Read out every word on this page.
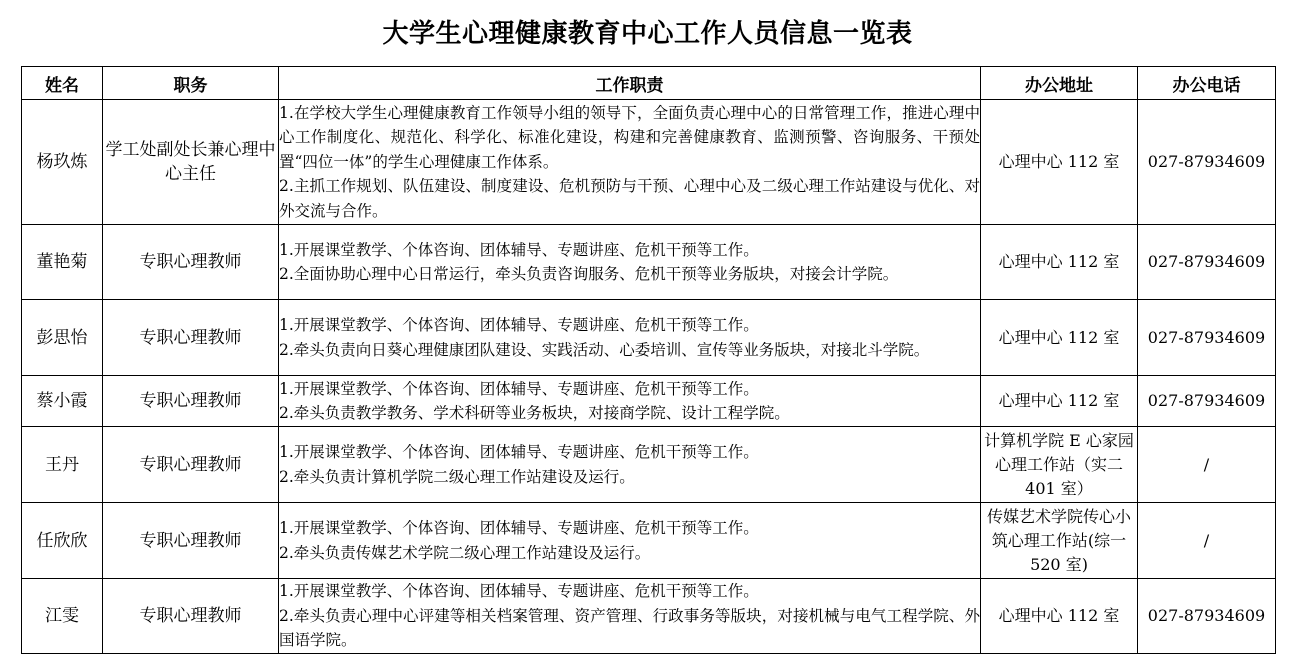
大学生心理健康教育中心工作人员信息一览表
姓名	职务	工作职责	办公地址	办公电话
杨玖炼	学工处副处长兼心理中心主任	1.在学校大学生心理健康教育工作领导小组的领导下，全面负责心理中心的日常管理工作，推进心理中心工作制度化、规范化、科学化、标准化建设，构建和完善健康教育、监测预警、咨询服务、干预处置“四位一体”的学生心理健康工作体系。
2.主抓工作规划、队伍建设、制度建设、危机预防与干预、心理中心及二级心理工作站建设与优化、对外交流与合作。	心理中心 112 室	027-87934609
董艳菊	专职心理教师	1.开展课堂教学、个体咨询、团体辅导、专题讲座、危机干预等工作。
2.全面协助心理中心日常运行，牵头负责咨询服务、危机干预等业务版块，对接会计学院。	心理中心 112 室	027-87934609
彭思怡	专职心理教师	1.开展课堂教学、个体咨询、团体辅导、专题讲座、危机干预等工作。
2.牵头负责向日葵心理健康团队建设、实践活动、心委培训、宣传等业务版块，对接北斗学院。	心理中心 112 室	027-87934609
蔡小霞	专职心理教师	1.开展课堂教学、个体咨询、团体辅导、专题讲座、危机干预等工作。
2.牵头负责教学教务、学术科研等业务板块，对接商学院、设计工程学院。	心理中心 112 室	027-87934609
王丹	专职心理教师	1.开展课堂教学、个体咨询、团体辅导、专题讲座、危机干预等工作。
2.牵头负责计算机学院二级心理工作站建设及运行。	计算机学院 E 心家园心理工作站（实二 401 室）	/
任欣欣	专职心理教师	1.开展课堂教学、个体咨询、团体辅导、专题讲座、危机干预等工作。
2.牵头负责传媒艺术学院二级心理工作站建设及运行。	传媒艺术学院传心小筑心理工作站(综一 520 室)	/
江雯	专职心理教师	1.开展课堂教学、个体咨询、团体辅导、专题讲座、危机干预等工作。
2.牵头负责心理中心评建等相关档案管理、资产管理、行政事务等版块，对接机械与电气工程学院、外国语学院。	心理中心 112 室	027-87934609
